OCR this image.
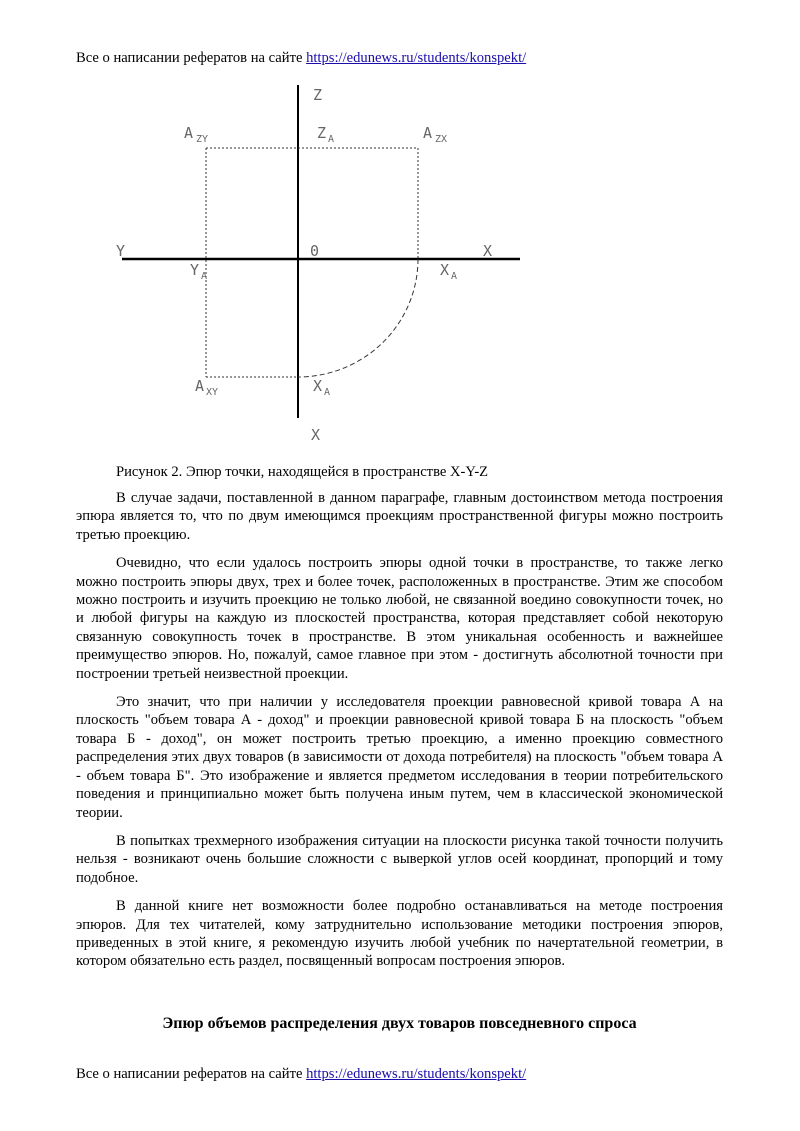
Все о написании рефератов на сайте https://edunews.ru/students/konspekt/
Z
Y	X
X
0
A ZY	Z A	A ZX
Y A	X A
A XY	X A
Рисунок 2. Эпюр точки, находящейся в пространстве X-Y-Z

В случае задачи, поставленной в данном параграфе, главным достоинством метода построения эпюра является то, что по двум имеющимся проекциям пространственной фигуры можно построить третью проекцию.

Очевидно, что если удалось построить эпюры одной точки в пространстве, то также легко можно построить эпюры двух, трех и более точек, расположенных в пространстве. Этим же способом можно построить и изучить проекцию не только любой, не связанной воедино совокупности точек, но и любой фигуры на каждую из плоскостей пространства, которая представляет собой некоторую связанную совокупность точек в пространстве. В этом уникальная особенность и важнейшее преимущество эпюров. Но, пожалуй, самое главное при этом - достигнуть абсолютной точности при построении третьей неизвестной проекции.

Это значит, что при наличии у исследователя проекции равновесной кривой товара А на плоскость "объем товара А - доход" и проекции равновесной кривой товара Б на плоскость "объем товара Б - доход", он может построить третью проекцию, а именно проекцию совместного распределения этих двух товаров (в зависимости от дохода потребителя) на плоскость "объем товара А - объем товара Б". Это изображение и является предметом исследования в теории потребительского поведения и принципиально может быть получена иным путем, чем в классической экономической теории.

В попытках трехмерного изображения ситуации на плоскости рисунка такой точности получить нельзя - возникают очень большие сложности с выверкой углов осей координат, пропорций и тому подобное.

В данной книге нет возможности более подробно останавливаться на методе построения эпюров. Для тех читателей, кому затруднительно использование методики построения эпюров, приведенных в этой книге, я рекомендую изучить любой учебник по начертательной геометрии, в котором обязательно есть раздел, посвященный вопросам построения эпюров.

Эпюр объемов распределения двух товаров повседневного спроса
Все о написании рефератов на сайте https://edunews.ru/students/konspekt/
